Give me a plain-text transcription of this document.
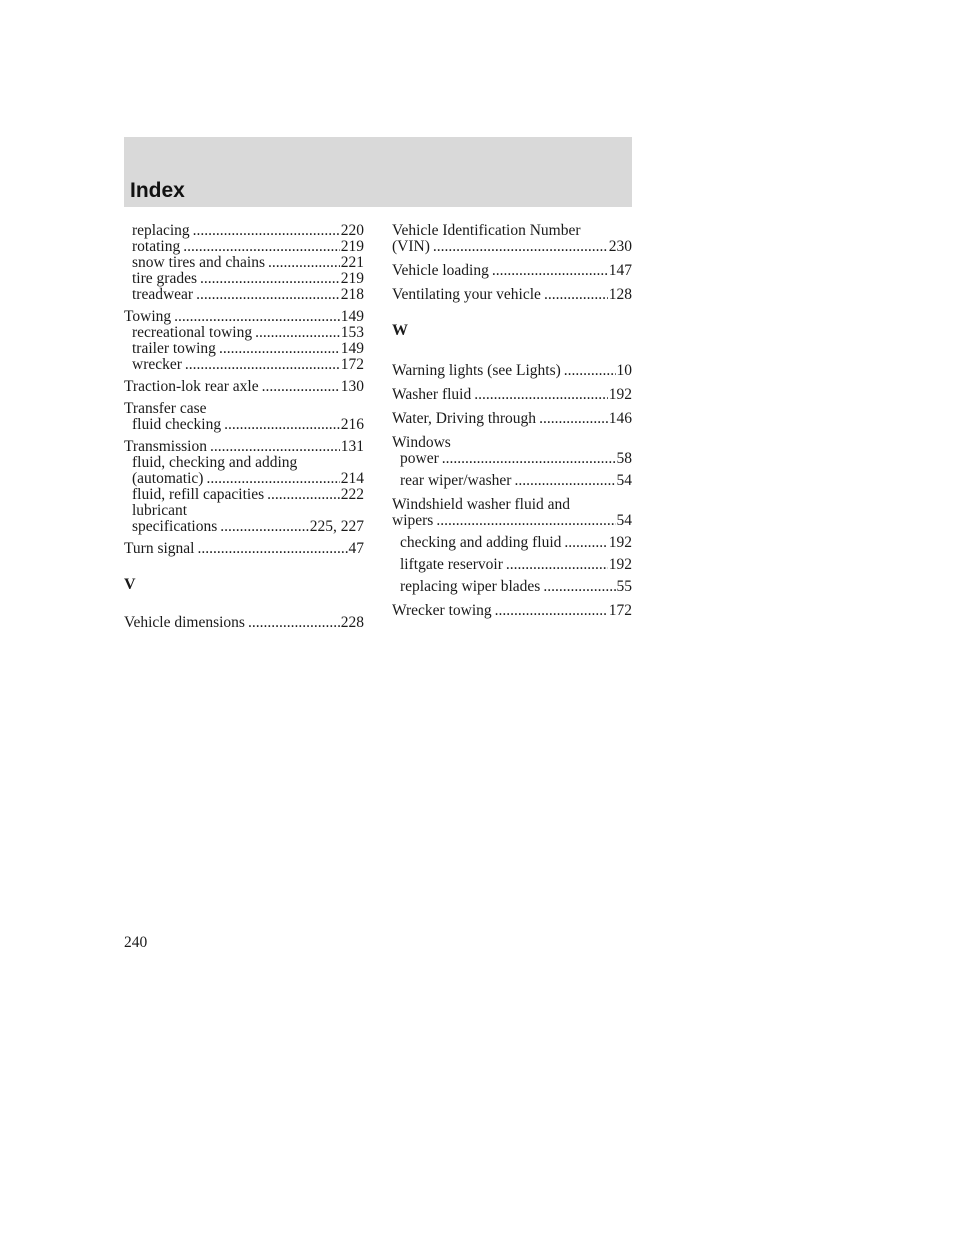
Index
replacing .....	220
rotating .....	219
snow tires and chains .....	221
tire grades .....	219
treadwear .....	218
Towing .....	149
recreational towing .....	153
trailer towing .....	149
wrecker .....	172
Traction-lok rear axle .....	130
Transfer case
fluid checking .....	216
Transmission .....	131
fluid, checking and adding
(automatic) .....	214
fluid, refill capacities .....	222
lubricant
specifications .....	225, 227
Turn signal .....	47
V
Vehicle dimensions .....	228
Vehicle Identification Number
(VIN) .....	230
Vehicle loading .....	147
Ventilating your vehicle .....	128
W
Warning lights (see Lights) .....	10
Washer fluid .....	192
Water, Driving through .....	146
Windows
power .....	58
rear wiper/washer .....	54
Windshield washer fluid and
wipers .....	54
checking and adding fluid .....	192
liftgate reservoir .....	192
replacing wiper blades .....	55
Wrecker towing .....	172
240
